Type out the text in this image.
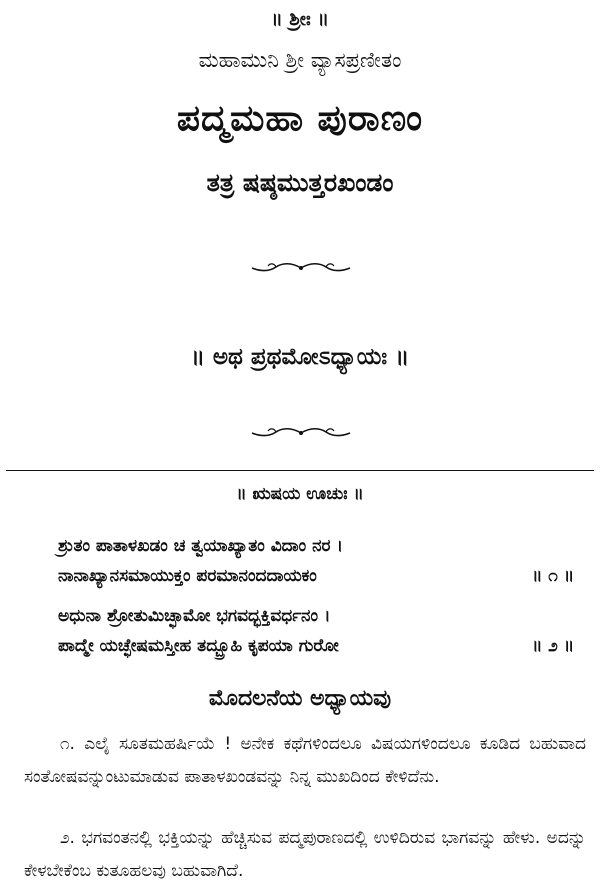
॥ ಶ್ರೀಃ ॥
ಮಹಾಮುನಿ ಶ್ರೀ ವ್ಯಾಸಪ್ರಣೀತಂ
ಪದ್ಮಮಹಾ ಪುರಾಣಂ
ತತ್ರ ಷಷ್ಠಮುತ್ತರಖಂಡಂ
॥ ಅಥ ಪ್ರಥಮೋಽಧ್ಯಾಯಃ ॥
॥ ಋಷಯ ಊಚುಃ ॥
ಶ್ರುತಂ ಪಾತಾಳಖಡಂ ಚ ತ್ವಯಾಖ್ಯಾತಂ ವಿದಾಂ ನರ ।
ನಾನಾಖ್ಯಾನಸಮಾಯುಕ್ತಂ ಪರಮಾನಂದದಾಯಕಂ	॥ ೧ ॥
ಅಧುನಾ ಶ್ರೋತುಮಿಚ್ಛಾಮೋ ಭಗವದ್ಭಕ್ತಿವರ್ಧನಂ ।
ಪಾದ್ಮೇ ಯಚ್ಛೇಷಮಸ್ತೀಹ ತದ್ಬ್ರೂಹಿ ಕೃಪಯಾ ಗುರೋ	॥ ೨ ॥
ಮೊದಲನೆಯ ಅಧ್ಯಾಯವು
೧. ಎಲೈ ಸೂತಮಹರ್ಷಿಯೆ ! ಅನೇಕ ಕಥೆಗಳಿಂದಲೂ ವಿಷಯಗಳಿಂದಲೂ ಕೂಡಿದ ಬಹುವಾದ ಸಂತೋಷವನ್ನುಂಟುಮಾಡುವ ಪಾತಾಳಖಂಡವನ್ನು ನಿನ್ನ ಮುಖದಿಂದ ಕೇಳಿದೆನು.
೨. ಭಗವಂತನಲ್ಲಿ ಭಕ್ತಿಯನ್ನು ಹೆಚ್ಚಿಸುವ ಪದ್ಮಪುರಾಣದಲ್ಲಿ ಉಳಿದಿರುವ ಭಾಗವನ್ನು ಹೇಳು. ಅದನ್ನು ಕೇಳಬೇಕೆಂಬ ಕುತೂಹಲವು ಬಹುವಾಗಿದೆ.
